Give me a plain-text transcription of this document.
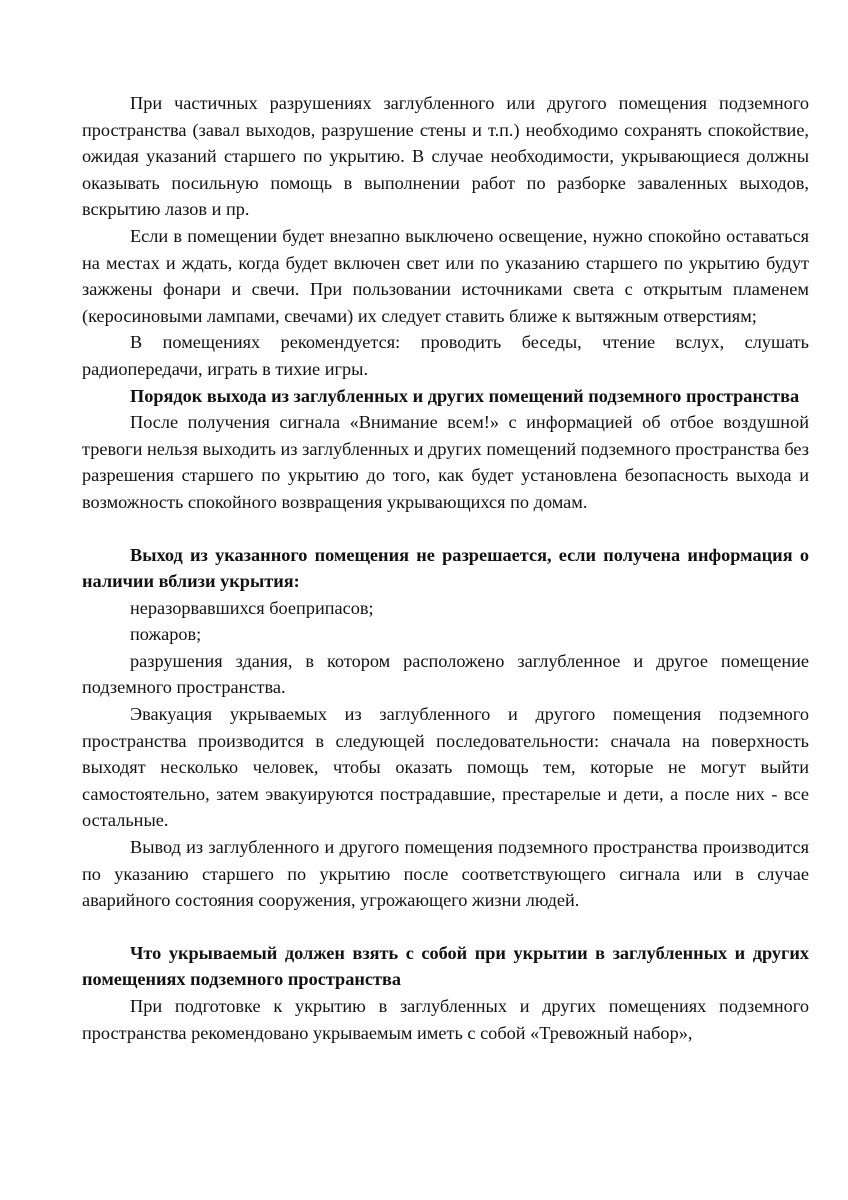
При частичных разрушениях заглубленного или другого помещения подземного пространства (завал выходов, разрушение стены и т.п.) необходимо сохранять спокойствие, ожидая указаний старшего по укрытию. В случае необходимости, укрывающиеся должны оказывать посильную помощь в выполнении работ по разборке заваленных выходов, вскрытию лазов и пр.

Если в помещении будет внезапно выключено освещение, нужно спокойно оставаться на местах и ждать, когда будет включен свет или по указанию старшего по укрытию будут зажжены фонари и свечи. При пользовании источниками света с открытым пламенем (керосиновыми лампами, свечами) их следует ставить ближе к вытяжным отверстиям;

В помещениях рекомендуется: проводить беседы, чтение вслух, слушать радиопередачи, играть в тихие игры.

Порядок выхода из заглубленных и других помещений подземного пространства

После получения сигнала «Внимание всем!» с информацией об отбое воздушной тревоги нельзя выходить из заглубленных и других помещений подземного пространства без разрешения старшего по укрытию до того, как будет установлена безопасность выхода и возможность спокойного возвращения укрывающихся по домам.

Выход из указанного помещения не разрешается, если получена информация о наличии вблизи укрытия:

неразорвавшихся боеприпасов;

пожаров;

разрушения здания, в котором расположено заглубленное и другое помещение подземного пространства.

Эвакуация укрываемых из заглубленного и другого помещения подземного пространства производится в следующей последовательности: сначала на поверхность выходят несколько человек, чтобы оказать помощь тем, которые не могут выйти самостоятельно, затем эвакуируются пострадавшие, престарелые и дети, а после них - все остальные.

Вывод из заглубленного и другого помещения подземного пространства производится по указанию старшего по укрытию после соответствующего сигнала или в случае аварийного состояния сооружения, угрожающего жизни людей.

Что укрываемый должен взять с собой при укрытии в заглубленных и других помещениях подземного пространства

При подготовке к укрытию в заглубленных и других помещениях подземного пространства рекомендовано укрываемым иметь с собой «Тревожный набор»,
